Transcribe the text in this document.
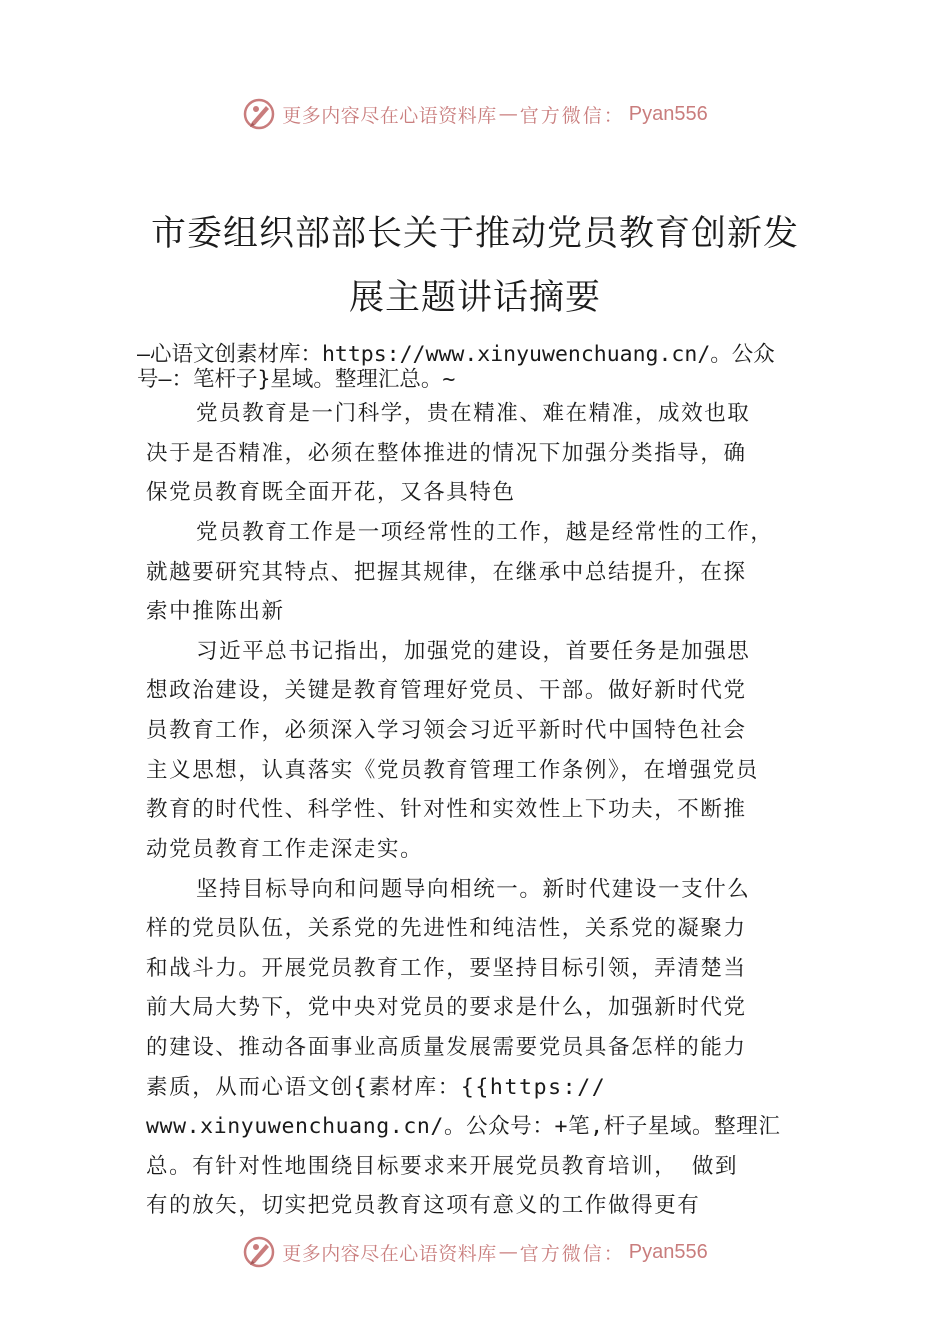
更多内容尽在心语资料库 — 官方微信： Pyan556
市委组织部部长关于推动党员教育创新发
展主题讲话摘要
—心语文创素材库：https://www.xinyuwenchuang.cn/。公众
号—：笔杆子}星域。整理汇总。~
党员教育是一门科学，贵在精准、难在精准，成效也取
决于是否精准，必须在整体推进的情况下加强分类指导，确
保党员教育既全面开花，又各具特色
党员教育工作是一项经常性的工作，越是经常性的工作，
就越要研究其特点、把握其规律，在继承中总结提升，在探
索中推陈出新
习近平总书记指出，加强党的建设，首要任务是加强思
想政治建设，关键是教育管理好党员、干部。做好新时代党
员教育工作，必须深入学习领会习近平新时代中国特色社会
主义思想，认真落实《党员教育管理工作条例》，在增强党员
教育的时代性、科学性、针对性和实效性上下功夫，不断推
动党员教育工作走深走实。
坚持目标导向和问题导向相统一。新时代建设一支什么
样的党员队伍，关系党的先进性和纯洁性，关系党的凝聚力
和战斗力。开展党员教育工作，要坚持目标引领，弄清楚当
前大局大势下，党中央对党员的要求是什么，加强新时代党
的建设、推动各面事业高质量发展需要党员具备怎样的能力
素质，从而心语文创{素材库：{{https://
www.xinyuwenchuang.cn/。公众号：+笔,杆子星域。整理汇
总。有针对性地围绕目标要求来开展党员教育培训， 做到
有的放矢，切实把党员教育这项有意义的工作做得更有
更多内容尽在心语资料库 — 官方微信： Pyan556
